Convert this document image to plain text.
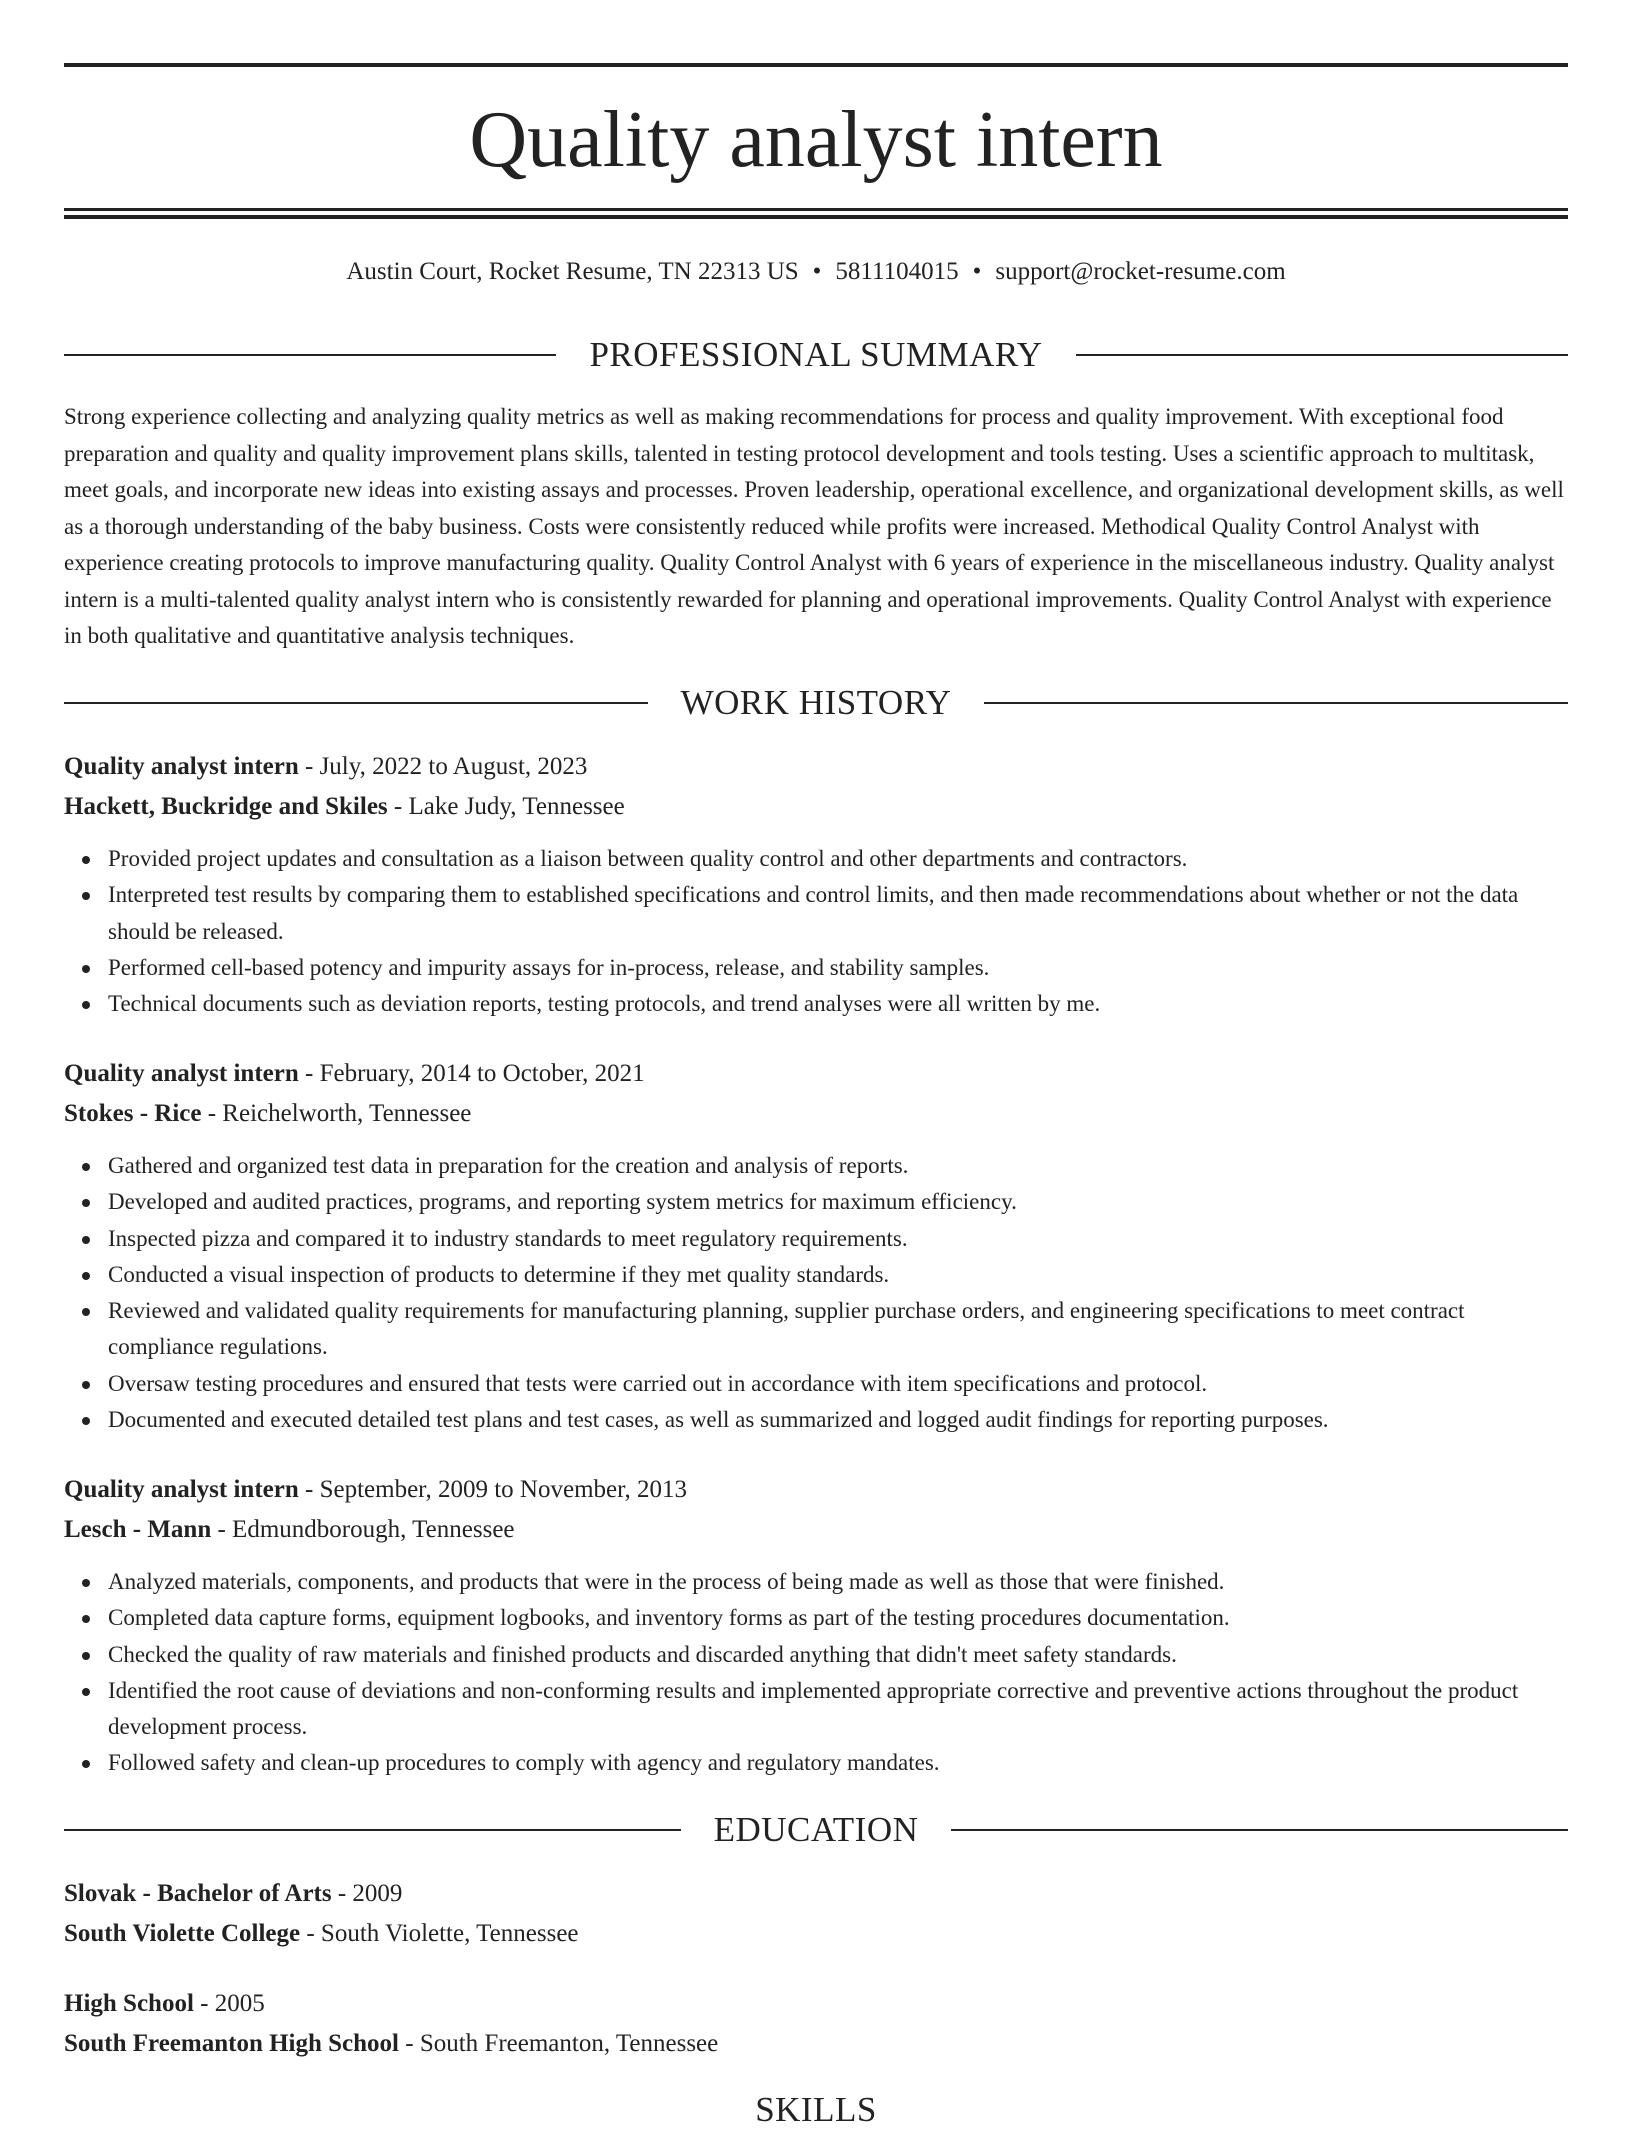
Quality analyst intern
Austin Court, Rocket Resume, TN 22313 US • 5811104015 • support@rocket-resume.com
PROFESSIONAL SUMMARY

Strong experience collecting and analyzing quality metrics as well as making recommendations for process and quality improvement. With exceptional food preparation and quality and quality improvement plans skills, talented in testing protocol development and tools testing. Uses a scientific approach to multitask, meet goals, and incorporate new ideas into existing assays and processes. Proven leadership, operational excellence, and organizational development skills, as well as a thorough understanding of the baby business. Costs were consistently reduced while profits were increased. Methodical Quality Control Analyst with experience creating protocols to improve manufacturing quality. Quality Control Analyst with 6 years of experience in the miscellaneous industry. Quality analyst intern is a multi-talented quality analyst intern who is consistently rewarded for planning and operational improvements. Quality Control Analyst with experience in both qualitative and quantitative analysis techniques.

WORK HISTORY
Quality analyst intern - July, 2022 to August, 2023
Hackett, Buckridge and Skiles - Lake Judy, Tennessee
Provided project updates and consultation as a liaison between quality control and other departments and contractors.
Interpreted test results by comparing them to established specifications and control limits, and then made recommendations about whether or not the data should be released.
Performed cell-based potency and impurity assays for in-process, release, and stability samples.
Technical documents such as deviation reports, testing protocols, and trend analyses were all written by me.
Quality analyst intern - February, 2014 to October, 2021
Stokes - Rice - Reichelworth, Tennessee
Gathered and organized test data in preparation for the creation and analysis of reports.
Developed and audited practices, programs, and reporting system metrics for maximum efficiency.
Inspected pizza and compared it to industry standards to meet regulatory requirements.
Conducted a visual inspection of products to determine if they met quality standards.
Reviewed and validated quality requirements for manufacturing planning, supplier purchase orders, and engineering specifications to meet contract compliance regulations.
Oversaw testing procedures and ensured that tests were carried out in accordance with item specifications and protocol.
Documented and executed detailed test plans and test cases, as well as summarized and logged audit findings for reporting purposes.
Quality analyst intern - September, 2009 to November, 2013
Lesch - Mann - Edmundborough, Tennessee
Analyzed materials, components, and products that were in the process of being made as well as those that were finished.
Completed data capture forms, equipment logbooks, and inventory forms as part of the testing procedures documentation.
Checked the quality of raw materials and finished products and discarded anything that didn't meet safety standards.
Identified the root cause of deviations and non-conforming results and implemented appropriate corrective and preventive actions throughout the product development process.
Followed safety and clean-up procedures to comply with agency and regulatory mandates.
EDUCATION
Slovak - Bachelor of Arts - 2009
South Violette College - South Violette, Tennessee
High School - 2005
South Freemanton High School - South Freemanton, Tennessee
SKILLS
